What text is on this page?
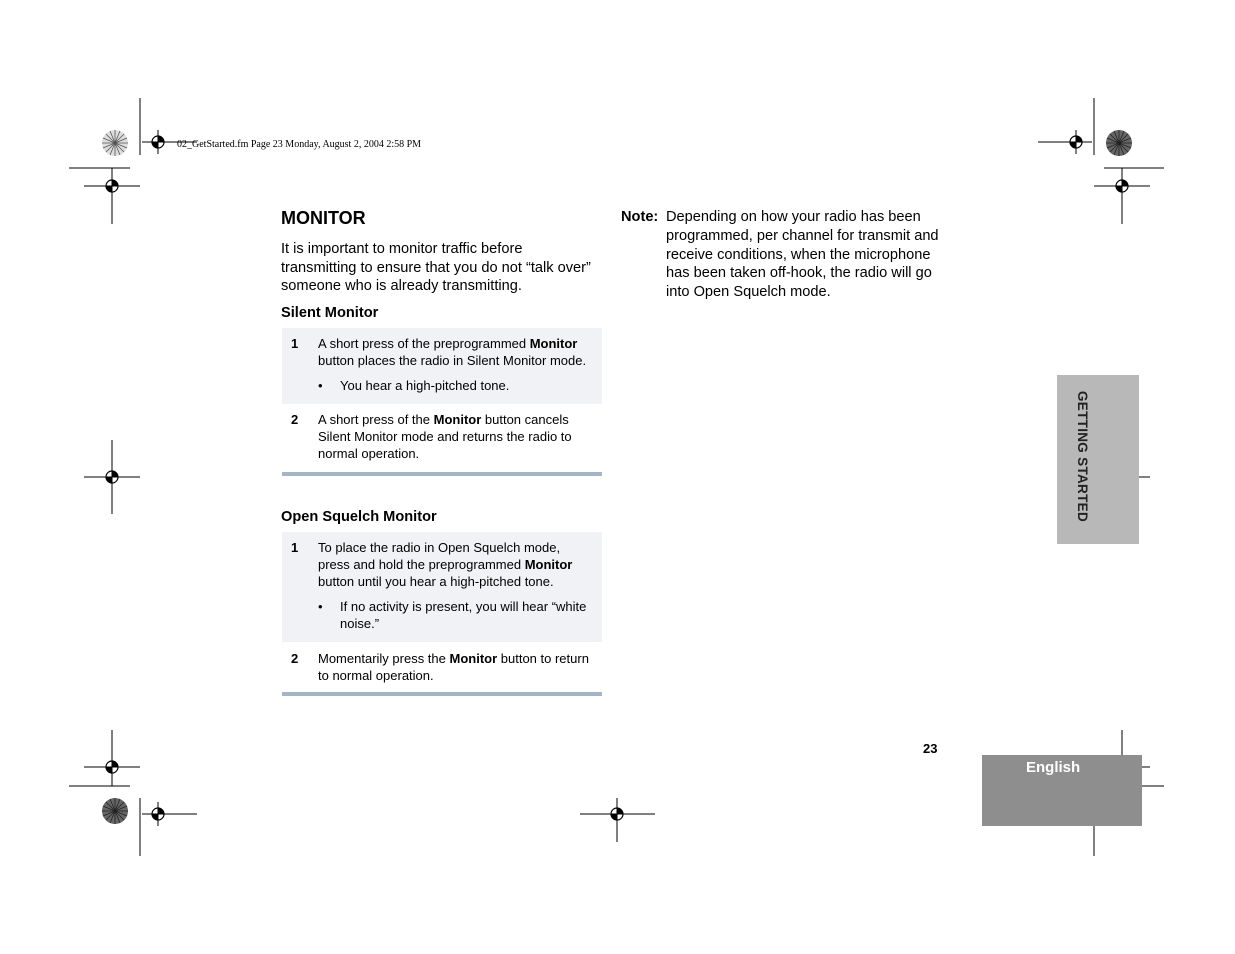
02_GetStarted.fm Page 23 Monday, August 2, 2004 2:58 PM
MONITOR

It is important to monitor traffic before transmitting to ensure that you do not “talk over” someone who is already transmitting.

Silent Monitor

1	A short press of the preprogrammed Monitor button places the radio in Silent Monitor mode.

•	You hear a high-pitched tone.
2	A short press of the Monitor button cancels Silent Monitor mode and returns the radio to normal operation.

Open Squelch Monitor

1	To place the radio in Open Squelch mode, press and hold the preprogrammed Monitor button until you hear a high-pitched tone.

•	If no activity is present, you will hear “white noise.”
2	Momentarily press the Monitor button to return to normal operation.

Note: Depending on how your radio has been programmed, per channel for transmit and receive conditions, when the microphone has been taken off-hook, the radio will go into Open Squelch mode.
GETTING STARTED
23
English
